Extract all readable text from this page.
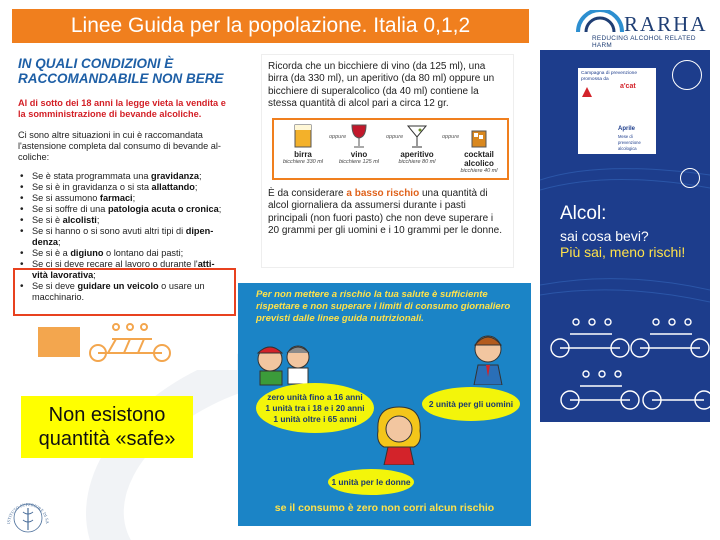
Linee Guida per la popolazione. Italia 0,1,2	RARHA
REDUCING ALCOHOL RELATED HARM
IN QUALI CONDIZIONI È
RACCOMANDABILE NON BERE
Al di sotto dei 18 anni la legge vieta la vendita e
la somministrazione di bevande alcoliche.
Ci sono altre situazioni in cui è raccomandata
l'astensione completa dal consumo di bevande al-
coliche:
• Se è stata programmata una gravidanza;
• Se si è in gravidanza o si sta allattando;
• Se si assumono farmaci;
• Se si soffre di una patologia acuta o cronica;
• Se si è alcolisti;
• Se si hanno o si sono avuti altri tipi di dipen-denza;
• Se si è a digiuno o lontano dai pasti;
• Se ci si deve recare al lavoro o durante l'atti-vità lavorativa;
• Se si deve guidare un veicolo o usare un macchinario.
Non esistono
quantità «safe»
ISTITUTO SUPERIORE DI SA
Ricorda che un bicchiere di vino (da 125 ml), una birra (da 330 ml), un aperitivo (da 80 ml) oppure un bicchiere di superalcolico (da 40 ml) contiene la stessa quantità di alcol pari a circa 12 gr.
birra
bicchiere 330 ml
oppure
vino
bicchiere 125 ml
oppure
aperitivo
bicchiere 80 ml
oppure
cocktail alcolico
bicchiere 40 ml
È da considerare a basso rischio una quantità di alcol giornaliera da assumersi durante i pasti principali (non fuori pasto) che non deve superare i 20 grammi per gli uomini e i 10 grammi per le donne.
Per non mettere a rischio la tua salute è sufficiente rispettare e non superare i limiti di consumo giornaliero previsti dalle linee guida nutrizionali.
zero unità fino a 16 anni
1 unità tra i 18 e i 20 anni
1 unità oltre i 65 anni
2 unità per gli uomini
1 unità per le donne
se il consumo è zero non corri alcun rischio
Campagna di prevenzione
promossa da
a'cat
Aprile
Mese di prevenzione alcologica
Alcol:
sai cosa bevi?
Più sai, meno rischi!
